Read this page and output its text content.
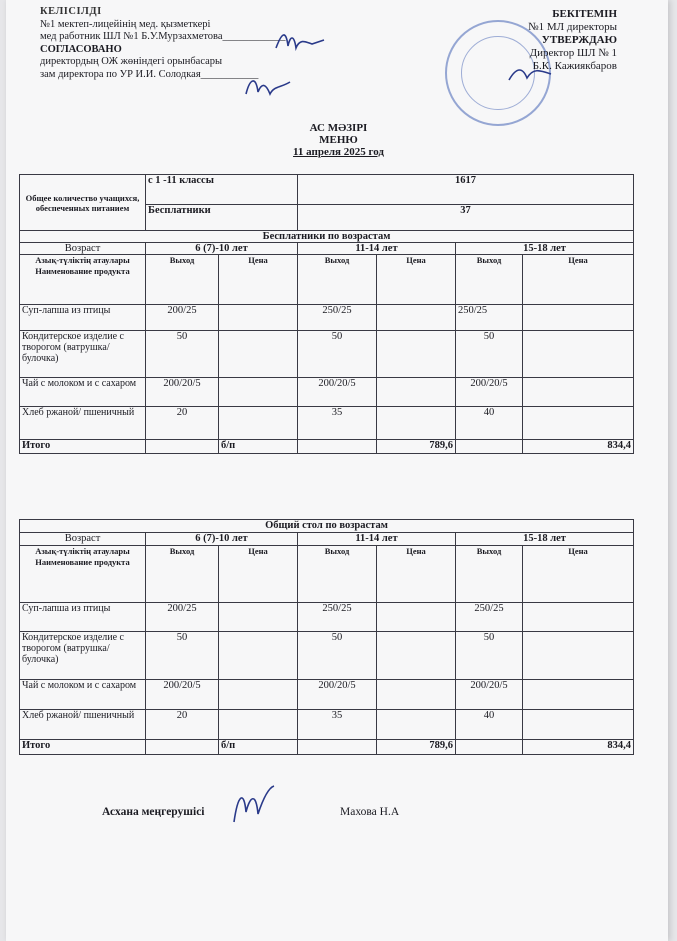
КЕЛІСІЛДІ
№1 мектеп-лицейінің мед. қызметкері
мед работник ШЛ №1 Б.У.Мурзахметова____________
СОГЛАСОВАНО
директордың ОЖ жөніндегі орынбасары
зам директора по УР И.И. Солодкая___________
БЕКІТЕМІН
№1 МЛ директоры
УТВЕРЖДАЮ
Директор ШЛ № 1
Б.К. Кажиякбаров
АС МӘЗІРІ
МЕНЮ
11 апреля 2025 год
Общее количество учащихся, обеспеченных питанием	с 1 -11 классы		1617			
	Бесплатники		37			
Бесплатники по возрастам						
Возраст	6 (7)-10 лет		11-14 лет		15-18 лет	
Азық-түліктің атаулары Наименование продукта	Выход	Цена	Выход	Цена	Выход	Цена
Суп-лапша из птицы	200/25		250/25		250/25	
Кондитерское изделие с творогом (ватрушка/булочка)	50		50		50	
Чай с молоком и с сахаром	200/20/5		200/20/5		200/20/5	
Хлеб ржаной/ пшеничный	20		35		40	
Итого		б/п		789,6		834,4
Общий стол по возрастам						
Возраст	6 (7)-10 лет		11-14 лет		15-18 лет	
Азық-түліктің атаулары Наименование продукта	Выход	Цена	Выход	Цена	Выход	Цена
Суп-лапша из птицы	200/25		250/25		250/25	
Кондитерское изделие с творогом (ватрушка/булочка)	50		50		50	
Чай с молоком и с сахаром	200/20/5		200/20/5		200/20/5	
Хлеб ржаной/ пшеничный	20		35		40	
Итого		б/п		789,6		834,4
Асхана меңгерушісі	Махова Н.А
